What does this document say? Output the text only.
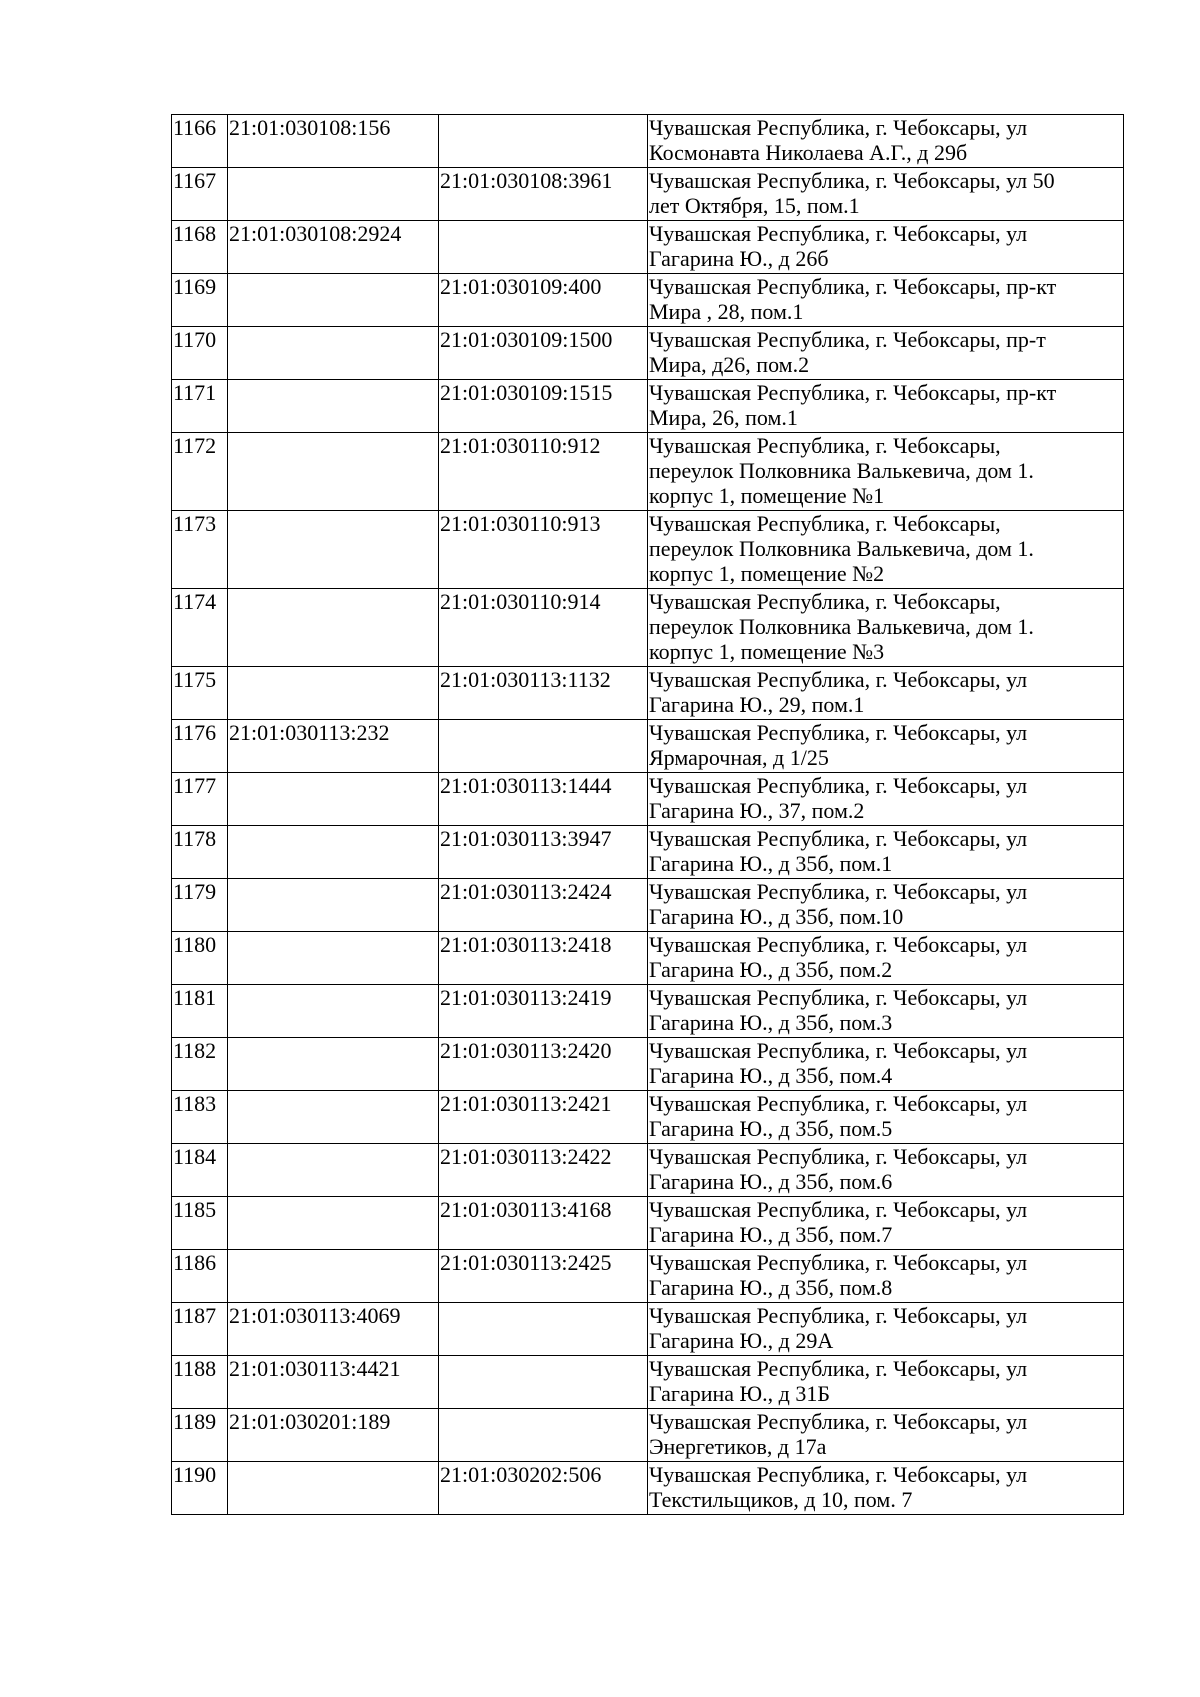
1166	21:01:030108:156		Чувашская Республика, г. Чебоксары, ул
Космонавта Николаева А.Г., д 29б

1167		21:01:030108:3961	Чувашская Республика, г. Чебоксары, ул 50
лет Октября, 15, пом.1

1168	21:01:030108:2924		Чувашская Республика, г. Чебоксары, ул
Гагарина Ю., д 26б

1169		21:01:030109:400	Чувашская Республика, г. Чебоксары, пр-кт
Мира , 28, пом.1

1170		21:01:030109:1500	Чувашская Республика, г. Чебоксары, пр-т
Мира, д26, пом.2

1171		21:01:030109:1515	Чувашская Республика, г. Чебоксары, пр-кт
Мира, 26, пом.1

1172		21:01:030110:912	Чувашская Республика, г. Чебоксары,
переулок Полковника Валькевича, дом 1.
корпус 1, помещение №1

1173		21:01:030110:913	Чувашская Республика, г. Чебоксары,
переулок Полковника Валькевича, дом 1.
корпус 1, помещение №2

1174		21:01:030110:914	Чувашская Республика, г. Чебоксары,
переулок Полковника Валькевича, дом 1.
корпус 1, помещение №3

1175		21:01:030113:1132	Чувашская Республика, г. Чебоксары, ул
Гагарина Ю., 29, пом.1

1176	21:01:030113:232		Чувашская Республика, г. Чебоксары, ул
Ярмарочная, д 1/25

1177		21:01:030113:1444	Чувашская Республика, г. Чебоксары, ул
Гагарина Ю., 37, пом.2

1178		21:01:030113:3947	Чувашская Республика, г. Чебоксары, ул
Гагарина Ю., д 35б, пом.1

1179		21:01:030113:2424	Чувашская Республика, г. Чебоксары, ул
Гагарина Ю., д 35б, пом.10

1180		21:01:030113:2418	Чувашская Республика, г. Чебоксары, ул
Гагарина Ю., д 35б, пом.2

1181		21:01:030113:2419	Чувашская Республика, г. Чебоксары, ул
Гагарина Ю., д 35б, пом.3

1182		21:01:030113:2420	Чувашская Республика, г. Чебоксары, ул
Гагарина Ю., д 35б, пом.4

1183		21:01:030113:2421	Чувашская Республика, г. Чебоксары, ул
Гагарина Ю., д 35б, пом.5

1184		21:01:030113:2422	Чувашская Республика, г. Чебоксары, ул
Гагарина Ю., д 35б, пом.6

1185		21:01:030113:4168	Чувашская Республика, г. Чебоксары, ул
Гагарина Ю., д 35б, пом.7

1186		21:01:030113:2425	Чувашская Республика, г. Чебоксары, ул
Гагарина Ю., д 35б, пом.8

1187	21:01:030113:4069		Чувашская Республика, г. Чебоксары, ул
Гагарина Ю., д 29А

1188	21:01:030113:4421		Чувашская Республика, г. Чебоксары, ул
Гагарина Ю., д 31Б

1189	21:01:030201:189		Чувашская Республика, г. Чебоксары, ул
Энергетиков, д 17а

1190		21:01:030202:506	Чувашская Республика, г. Чебоксары, ул
Текстильщиков, д 10, пом. 7
